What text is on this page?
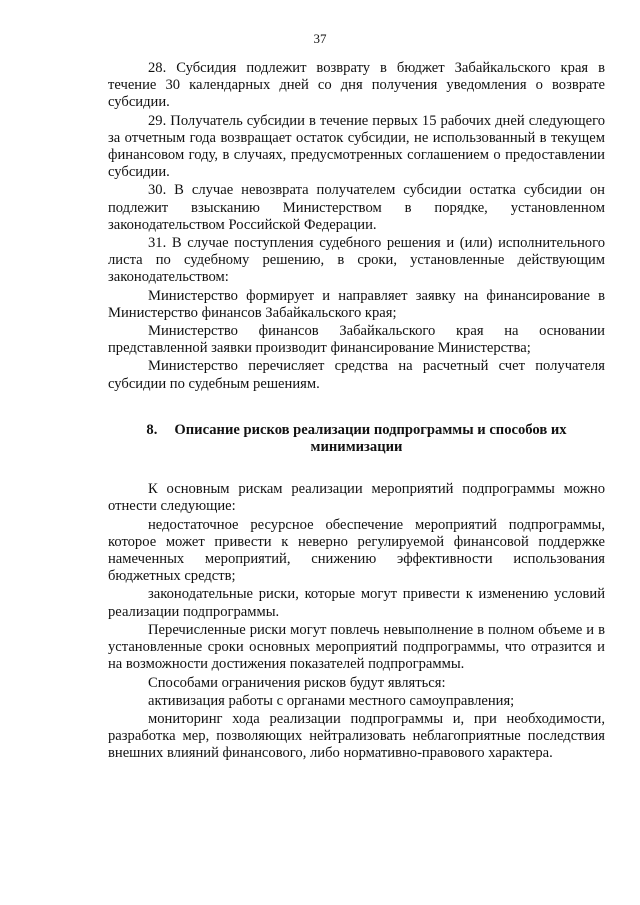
37

28. Субсидия подлежит возврату в бюджет Забайкальского края в течение 30 календарных дней со дня получения уведомления о возврате субсидии.

29. Получатель субсидии в течение первых 15 рабочих дней следующего за отчетным года возвращает остаток субсидии, не использованный в текущем финансовом году, в случаях, предусмотренных соглашением о предоставлении субсидии.

30. В случае невозврата получателем субсидии остатка субсидии он подлежит взысканию Министерством в порядке, установленном законодательством Российской Федерации.

31. В случае поступления судебного решения и (или) исполнительного листа по судебному решению, в сроки, установленные действующим законодательством:

Министерство формирует и направляет заявку на финансирование в Министерство финансов Забайкальского края;

Министерство финансов Забайкальского края на основании представленной заявки производит финансирование Министерства;

Министерство перечисляет средства на расчетный счет получателя субсидии по судебным решениям.

8. Описание рисков реализации подпрограммы и способов их минимизации

К основным рискам реализации мероприятий подпрограммы можно отнести следующие:

недостаточное ресурсное обеспечение мероприятий подпрограммы, которое может привести к неверно регулируемой финансовой поддержке намеченных мероприятий, снижению эффективности использования бюджетных средств;

законодательные риски, которые могут привести к изменению условий реализации подпрограммы.

Перечисленные риски могут повлечь невыполнение в полном объеме и в установленные сроки основных мероприятий подпрограммы, что отразится и на возможности достижения показателей подпрограммы.

Способами ограничения рисков будут являться:

активизация работы с органами местного самоуправления;

мониторинг хода реализации подпрограммы и, при необходимости, разработка мер, позволяющих нейтрализовать неблагоприятные последствия внешних влияний финансового, либо нормативно-правового характера.
